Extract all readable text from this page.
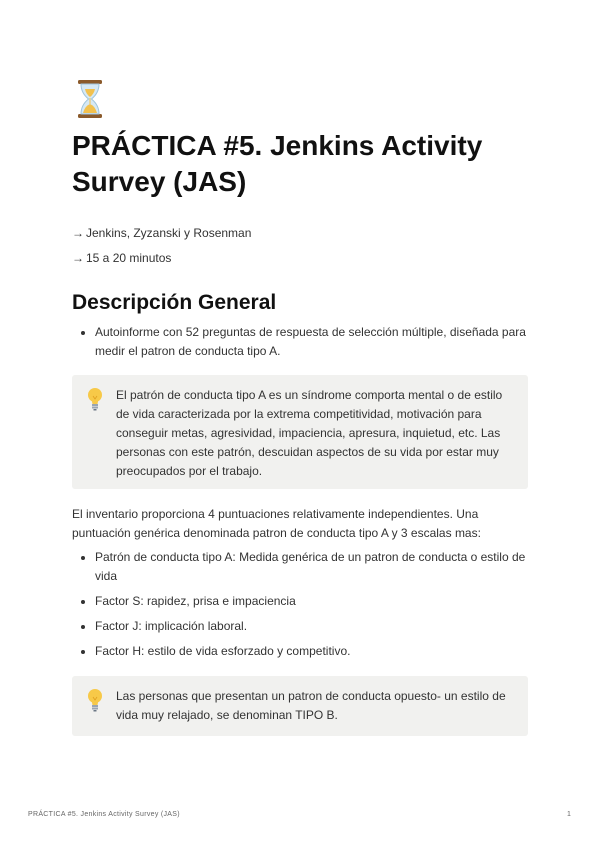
PRÁCTICA #5. Jenkins Activity Survey (JAS)
→ Jenkins, Zyzanski y Rosenman
→ 15 a 20 minutos
Descripción General
Autoinforme con 52 preguntas de respuesta de selección múltiple, diseñada para medir el patron de conducta tipo A.

El patrón de conducta tipo A es un síndrome comporta mental o de estilo de vida caracterizada por la extrema competitividad, motivación para conseguir metas, agresividad, impaciencia, apresura, inquietud, etc. Las personas con este patrón, descuidan aspectos de su vida por estar muy preocupados por el trabajo.

El inventario proporciona 4 puntuaciones relativamente independientes. Una puntuación genérica denominada patron de conducta tipo A y 3 escalas mas:

Patrón de conducta tipo A: Medida genérica de un patron de conducta o estilo de vida
Factor S: rapidez, prisa e impaciencia
Factor J: implicación laboral.
Factor H: estilo de vida esforzado y competitivo.

Las personas que presentan un patron de conducta opuesto- un estilo de vida muy relajado, se denominan TIPO B.

PRÁCTICA #5. Jenkins Activity Survey (JAS)	1
